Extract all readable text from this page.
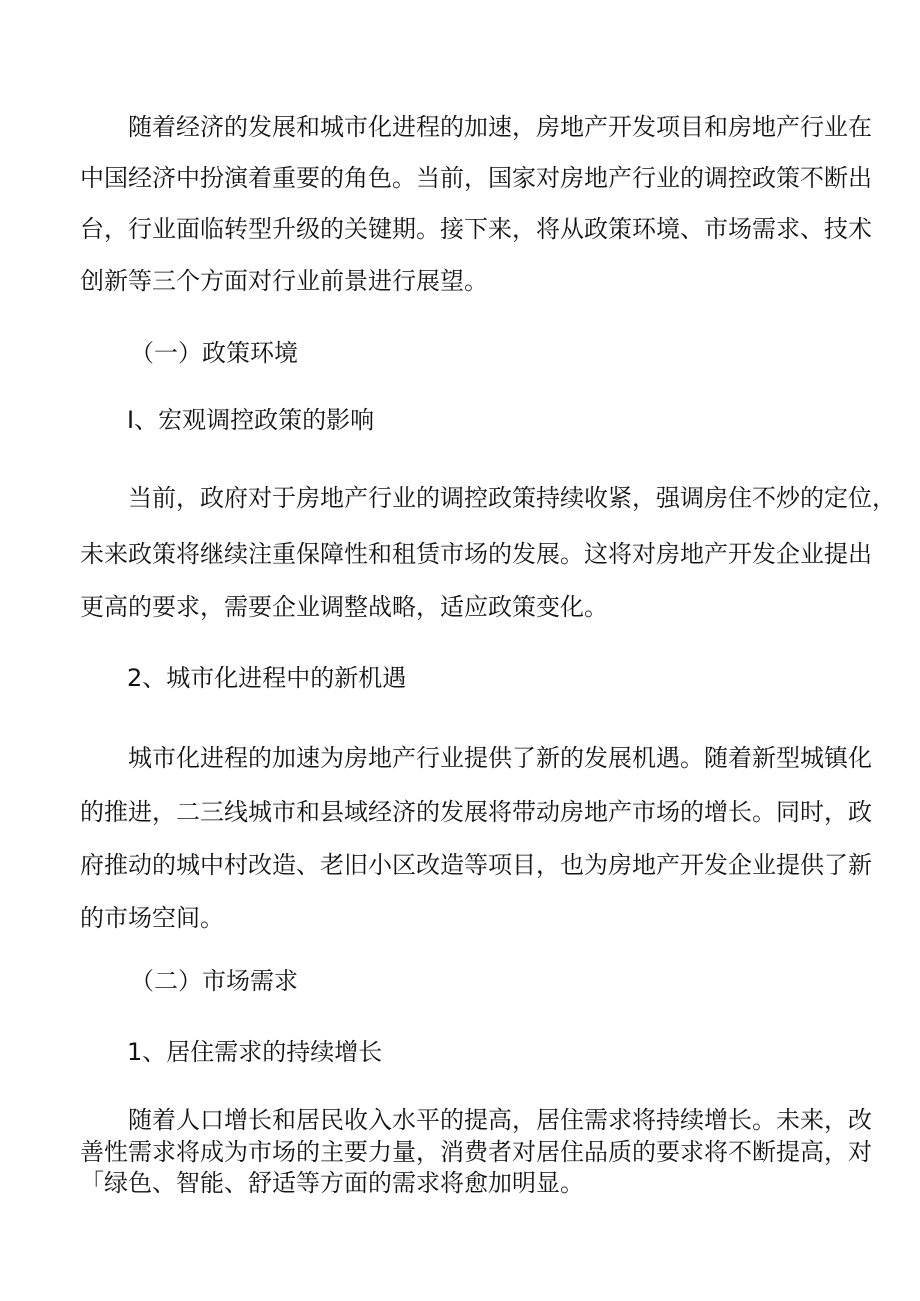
随着经济的发展和城市化进程的加速，房地产开发项目和房地产行业在
中国经济中扮演着重要的角色。当前，国家对房地产行业的调控政策不断出
台，行业面临转型升级的关键期。接下来，将从政策环境、市场需求、技术
创新等三个方面对行业前景进行展望。
（一）政策环境
I、宏观调控政策的影响
当前，政府对于房地产行业的调控政策持续收紧，强调房住不炒的定位，
未来政策将继续注重保障性和租赁市场的发展。这将对房地产开发企业提出
更高的要求，需要企业调整战略，适应政策变化。
2、城市化进程中的新机遇
城市化进程的加速为房地产行业提供了新的发展机遇。随着新型城镇化
的推进，二三线城市和县域经济的发展将带动房地产市场的增长。同时，政
府推动的城中村改造、老旧小区改造等项目，也为房地产开发企业提供了新
的市场空间。
（二）市场需求
1、居住需求的持续增长
随着人口增长和居民收入水平的提高，居住需求将持续增长。未来，改
善性需求将成为市场的主要力量，消费者对居住品质的要求将不断提高，对
「绿色、智能、舒适等方面的需求将愈加明显。
